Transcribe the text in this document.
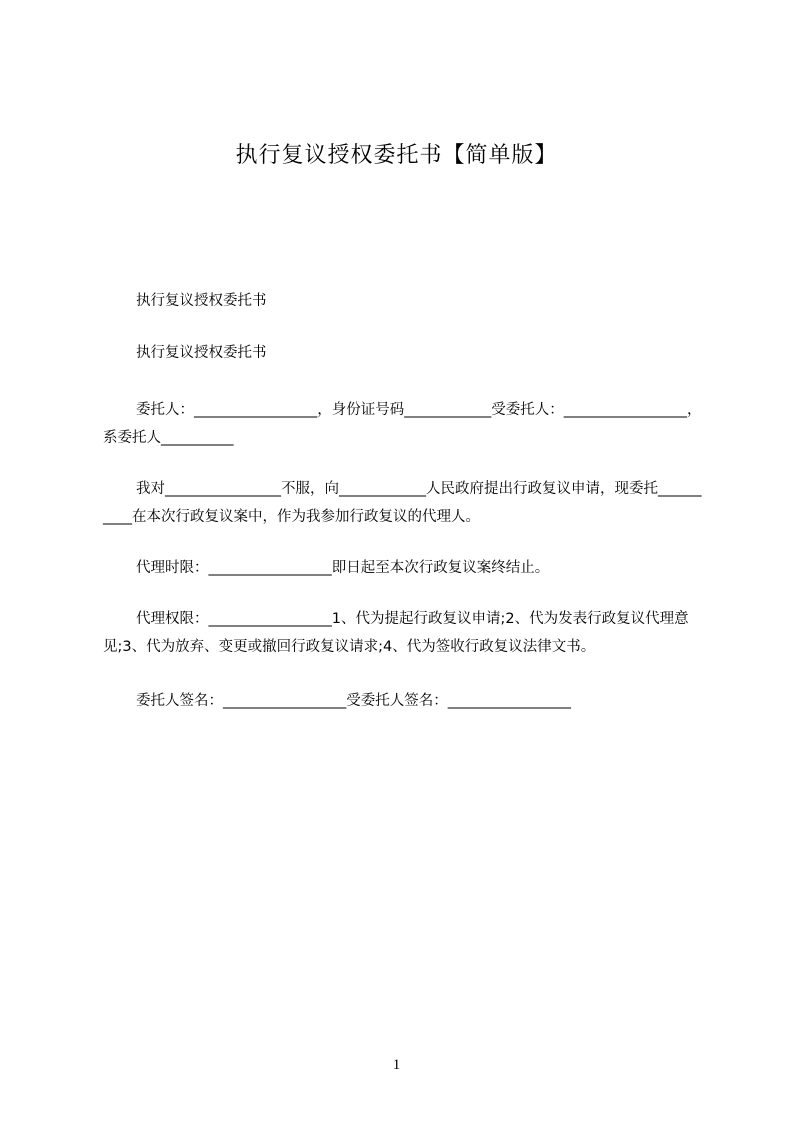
执行复议授权委托书【简单版】

执行复议授权委托书

执行复议授权委托书

委托人：_________________，身份证号码____________受委托人：_________________，系委托人__________

我对________________不服，向____________人民政府提出行政复议申请，现委托__________在本次行政复议案中，作为我参加行政复议的代理人。

代理时限：_________________即日起至本次行政复议案终结止。

代理权限：_________________1、代为提起行政复议申请;2、代为发表行政复议代理意见;3、代为放弃、变更或撤回行政复议请求;4、代为签收行政复议法律文书。

委托人签名：_________________受委托人签名：_________________

1
